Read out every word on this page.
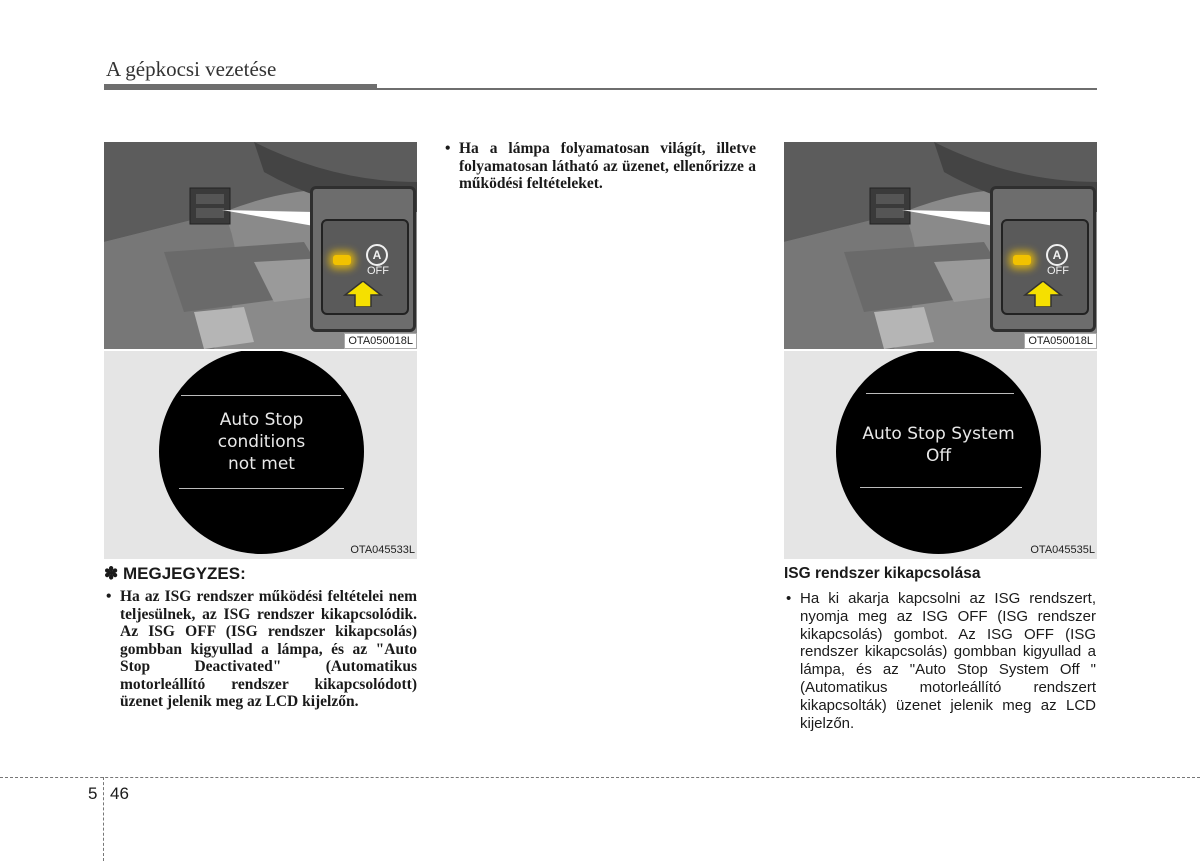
A gépkocsi vezetése
A
OFF
OTA050018L
Auto Stop
conditions
not met
OTA045533L
✽ MEGJEGYZES:
• Ha az ISG rendszer működési feltételei nem teljesülnek, az ISG rendszer kikapcsolódik. Az ISG OFF (ISG rendszer kikapcsolás) gombban kigyullad a lámpa, és az "Auto Stop Deactivated" (Automatikus motorleállító rendszer kikapcsolódott) üzenet jelenik meg az LCD kijelzőn.
• Ha a lámpa folyamatosan világít, illetve folyamatosan látható az üzenet, ellenőrizze a működési feltételeket.
A
OFF
OTA050018L
Auto Stop System
Off
OTA045535L
ISG rendszer kikapcsolása
• Ha ki akarja kapcsolni az ISG rendszert, nyomja meg az ISG OFF (ISG rendszer kikapcsolás) gombot. Az ISG OFF (ISG rendszer kikapcsolás) gombban kigyullad a lámpa, és az "Auto Stop System Off " (Automatikus motorleállító rendszert kikapcsolták) üzenet jelenik meg az LCD kijelzőn.
5 46
